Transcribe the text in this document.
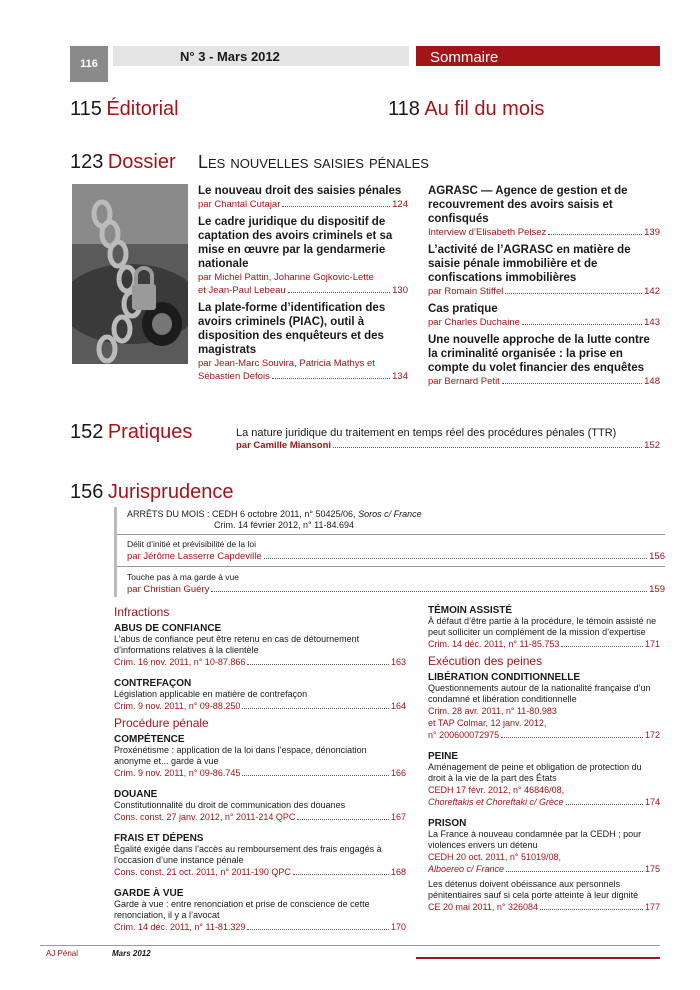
116	N° 3 - Mars 2012	Sommaire
115 Éditorial	118 Au fil du mois
123 Dossier Les nouvelles saisies pénales
Le nouveau droit des saisies pénales
par Chantal Cutajar	124
Le cadre juridique du dispositif de captation des avoirs criminels et sa mise en œuvre par la gendarmerie nationale
par Michel Pattin, Johanne Gojkovic-Lette
et Jean-Paul Lebeau	130
La plate-forme d’identification des avoirs criminels (PIAC), outil à disposition des enquêteurs et des magistrats
par Jean-Marc Souvira, Patricia Mathys et
Sébastien Defois	134
AGRASC — Agence de gestion et de recouvrement des avoirs saisis et confisqués
Interview d’Elisabeth Pelsez	139
L’activité de l’AGRASC en matière de saisie pénale immobilière et de confiscations immobilières
par Romain Stiffel	142
Cas pratique
par Charles Duchaine	143
Une nouvelle approche de la lutte contre la criminalité organisée : la prise en compte du volet financier des enquêtes
par Bernard Petit	148
152 Pratiques	La nature juridique du traitement en temps réel des procédures pénales (TTR)
par Camille Miansoni	152
156 Jurisprudence
ARRÊTS DU MOIS : CEDH 6 octobre 2011, n° 50425/06, Soros c/ France
Crim. 14 février 2012, n° 11-84.694
Délit d’initié et prévisibilité de la loi
par Jérôme Lasserre Capdeville	156
Touche pas à ma garde à vue
par Christian Guéry	159
Infractions
ABUS DE CONFIANCE
L’abus de confiance peut être retenu en cas de détournement d’informations relatives à la clientèle
Crim. 16 nov. 2011, n° 10-87.866	163
CONTREFAÇON
Législation applicable en matière de contrefaçon
Crim. 9 nov. 2011, n° 09-88.250	164
Procédure pénale
COMPÉTENCE
Proxénétisme : application de la loi dans l’espace, dénonciation anonyme et... garde à vue
Crim. 9 nov. 2011, n° 09-86.745	166
DOUANE
Constitutionnalité du droit de communication des douanes
Cons. const. 27 janv. 2012, n° 2011-214 QPC	167
FRAIS ET DÉPENS
Égalité exigée dans l’accès au remboursement des frais engagés à l’occasion d’une instance pénale
Cons. const. 21 oct. 2011, n° 2011-190 QPC	168
GARDE À VUE
Garde à vue : entre renonciation et prise de conscience de cette renonciation, il y a l’avocat
Crim. 14 déc. 2011, n° 11-81.329	170
TÉMOIN ASSISTÉ
À défaut d’être partie à la procédure, le témoin assisté ne peut solliciter un complément de la mission d’expertise
Crim. 14 déc. 2011, n° 11-85.753	171
Exécution des peines
LIBÉRATION CONDITIONNELLE
Questionnements autour de la nationalité française d’un condamné et libération conditionnelle
Crim. 28 avr. 2011, n° 11-80.983
et TAP Colmar, 12 janv. 2012,
n° 200600072975	172
PEINE
Aménagement de peine et obligation de protection du droit à la vie de la part des États
CEDH 17 févr. 2012, n° 46846/08,
Choreftakis et Choreftaki c/ Grèce	174
PRISON
La France à nouveau condamnée par la CEDH ; pour violences envers un détenu
CEDH 20 oct. 2011, n° 51019/08,
Alboereo c/ France	175
Les détenus doivent obéissance aux personnels pénitentiaires sauf si cela porte atteinte à leur dignité
CE 20 mai 2011, n° 326084	177
AJ Pénal	Mars 2012
